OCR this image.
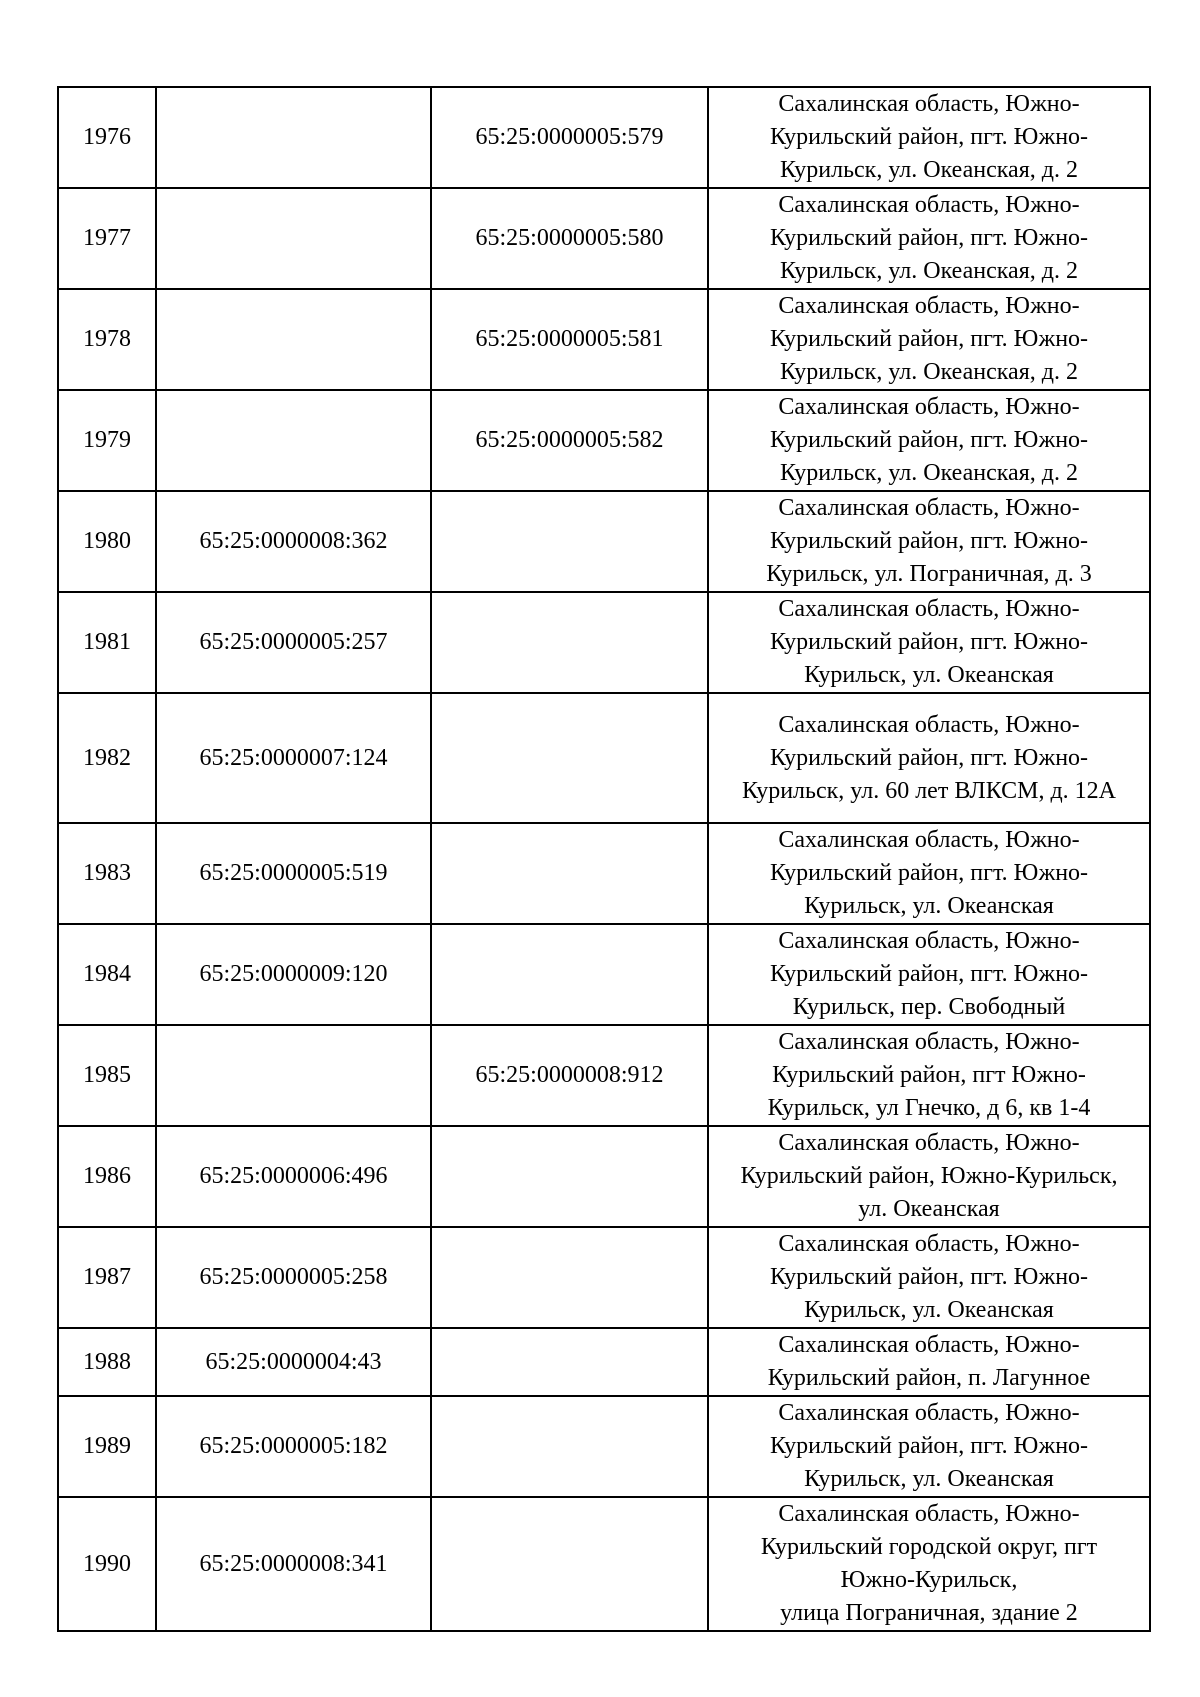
1976		65:25:0000005:579	Сахалинская область, Южно-
Курильский район, пгт. Южно-
Курильск, ул. Океанская, д. 2

1977		65:25:0000005:580	Сахалинская область, Южно-
Курильский район, пгт. Южно-
Курильск, ул. Океанская, д. 2

1978		65:25:0000005:581	Сахалинская область, Южно-
Курильский район, пгт. Южно-
Курильск, ул. Океанская, д. 2

1979		65:25:0000005:582	Сахалинская область, Южно-
Курильский район, пгт. Южно-
Курильск, ул. Океанская, д. 2

1980	65:25:0000008:362		Сахалинская область, Южно-
Курильский район, пгт. Южно-
Курильск, ул. Пограничная, д. 3

1981	65:25:0000005:257		Сахалинская область, Южно-
Курильский район, пгт. Южно-
Курильск, ул. Океанская

1982	65:25:0000007:124		Сахалинская область, Южно-
Курильский район, пгт. Южно-
Курильск, ул. 60 лет ВЛКСМ, д. 12А

1983	65:25:0000005:519		Сахалинская область, Южно-
Курильский район, пгт. Южно-
Курильск, ул. Океанская

1984	65:25:0000009:120		Сахалинская область, Южно-
Курильский район, пгт. Южно-
Курильск, пер. Свободный

1985		65:25:0000008:912	Сахалинская область, Южно-
Курильский район, пгт Южно-
Курильск, ул Гнечко, д 6, кв 1-4

1986	65:25:0000006:496		Сахалинская область, Южно-
Курильский район, Южно-Курильск,
ул. Океанская

1987	65:25:0000005:258		Сахалинская область, Южно-
Курильский район, пгт. Южно-
Курильск, ул. Океанская

1988	65:25:0000004:43		Сахалинская область, Южно-
Курильский район, п. Лагунное

1989	65:25:0000005:182		Сахалинская область, Южно-
Курильский район, пгт. Южно-
Курильск, ул. Океанская

1990	65:25:0000008:341		Сахалинская область, Южно-
Курильский городской округ, пгт
Южно-Курильск,
улица Пограничная, здание 2
